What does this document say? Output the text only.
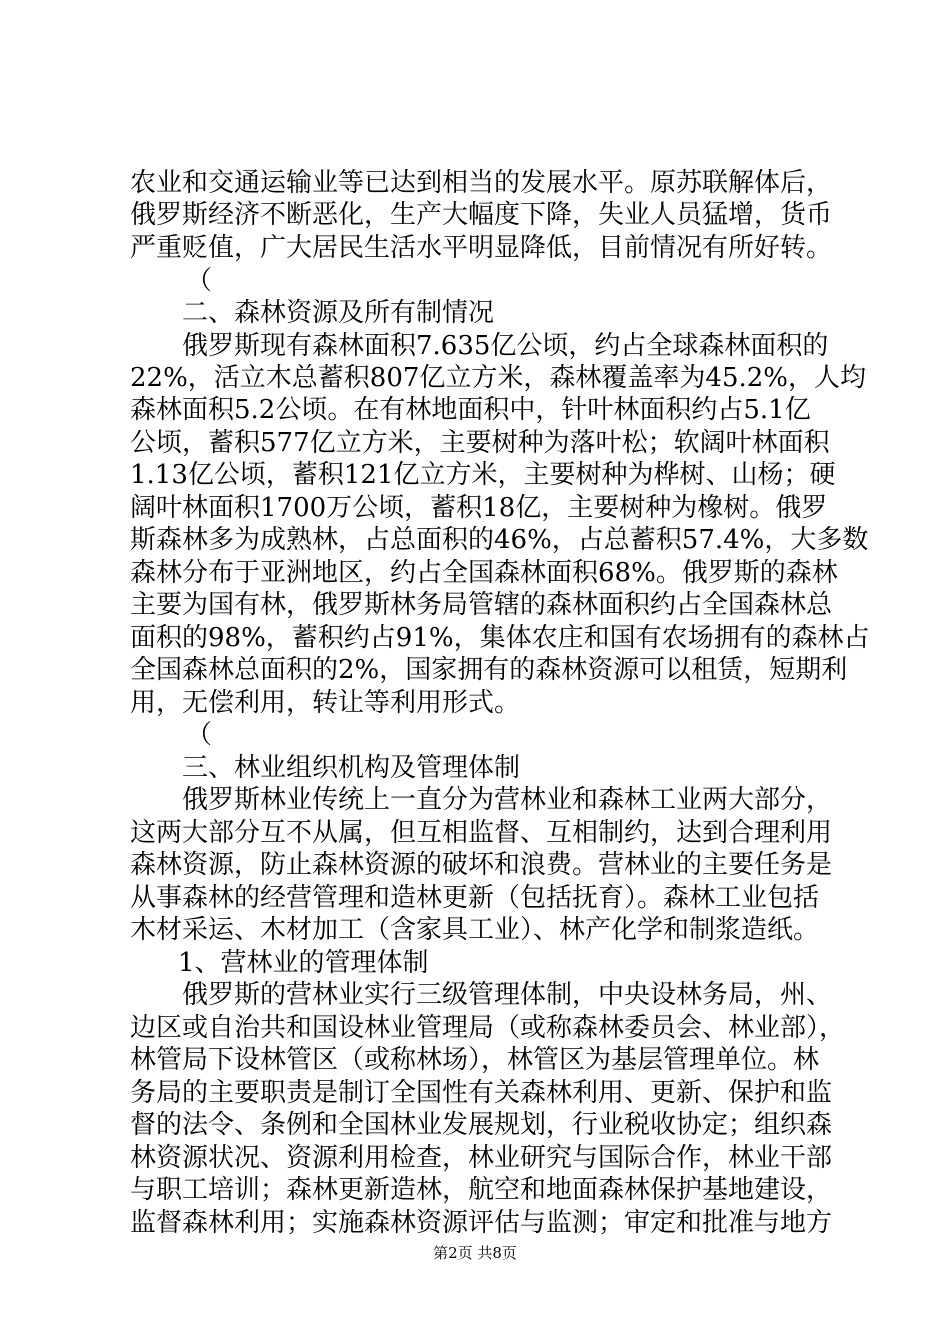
农业和交通运输业等已达到相当的发展水平。原苏联解体后，
俄罗斯经济不断恶化，生产大幅度下降，失业人员猛增，货币
严重贬值，广大居民生活水平明显降低，目前情况有所好转。
（
二、森林资源及所有制情况
俄罗斯现有森林面积7.635亿公顷，约占全球森林面积的
22%，活立木总蓄积807亿立方米，森林覆盖率为45.2%，人均
森林面积5.2公顷。在有林地面积中，针叶林面积约占5.1亿
公顷，蓄积577亿立方米，主要树种为落叶松；软阔叶林面积
1.13亿公顷，蓄积121亿立方米，主要树种为桦树、山杨；硬
阔叶林面积1700万公顷，蓄积18亿，主要树种为橡树。俄罗
斯森林多为成熟林，占总面积的46%，占总蓄积57.4%，大多数
森林分布于亚洲地区，约占全国森林面积68%。俄罗斯的森林
主要为国有林，俄罗斯林务局管辖的森林面积约占全国森林总
面积的98%，蓄积约占91%，集体农庄和国有农场拥有的森林占
全国森林总面积的2%，国家拥有的森林资源可以租赁，短期利
用，无偿利用，转让等利用形式。
（
三、林业组织机构及管理体制
俄罗斯林业传统上一直分为营林业和森林工业两大部分，
这两大部分互不从属，但互相监督、互相制约，达到合理利用
森林资源，防止森林资源的破坏和浪费。营林业的主要任务是
从事森林的经营管理和造林更新（包括抚育）。森林工业包括
木材采运、木材加工（含家具工业）、林产化学和制浆造纸。
1、营林业的管理体制
俄罗斯的营林业实行三级管理体制，中央设林务局，州、
边区或自治共和国设林业管理局（或称森林委员会、林业部），
林管局下设林管区（或称林场），林管区为基层管理单位。林
务局的主要职责是制订全国性有关森林利用、更新、保护和监
督的法令、条例和全国林业发展规划，行业税收协定；组织森
林资源状况、资源利用检查，林业研究与国际合作，林业干部
与职工培训；森林更新造林，航空和地面森林保护基地建设，
监督森林利用；实施森林资源评估与监测；审定和批准与地方
第2页 共8页
